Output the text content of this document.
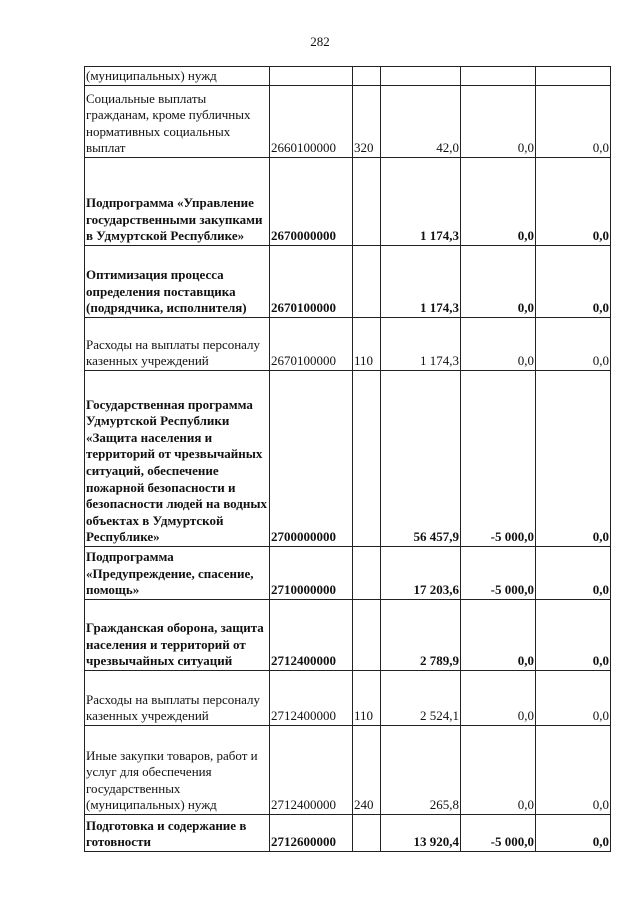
282
(муниципальных) нужд					
Социальные выплаты гражданам, кроме публичных нормативных социальных выплат	2660100000	320	42,0	0,0	0,0
Подпрограмма «Управление государственными закупками в Удмуртской Республике»	2670000000		1 174,3	0,0	0,0
Оптимизация процесса определения поставщика (подрядчика, исполнителя)	2670100000		1 174,3	0,0	0,0
Расходы на выплаты персоналу казенных учреждений	2670100000	110	1 174,3	0,0	0,0
Государственная программа Удмуртской Республики «Защита населения и территорий от чрезвычайных ситуаций, обеспечение пожарной безопасности и безопасности людей на водных объектах в Удмуртской Республике»	2700000000		56 457,9	-5 000,0	0,0
Подпрограмма «Предупреждение, спасение, помощь»	2710000000		17 203,6	-5 000,0	0,0
Гражданская оборона, защита населения и территорий от чрезвычайных ситуаций	2712400000		2 789,9	0,0	0,0
Расходы на выплаты персоналу казенных учреждений	2712400000	110	2 524,1	0,0	0,0
Иные закупки товаров, работ и услуг для обеспечения государственных (муниципальных) нужд	2712400000	240	265,8	0,0	0,0
Подготовка и содержание в готовности	2712600000		13 920,4	-5 000,0	0,0
